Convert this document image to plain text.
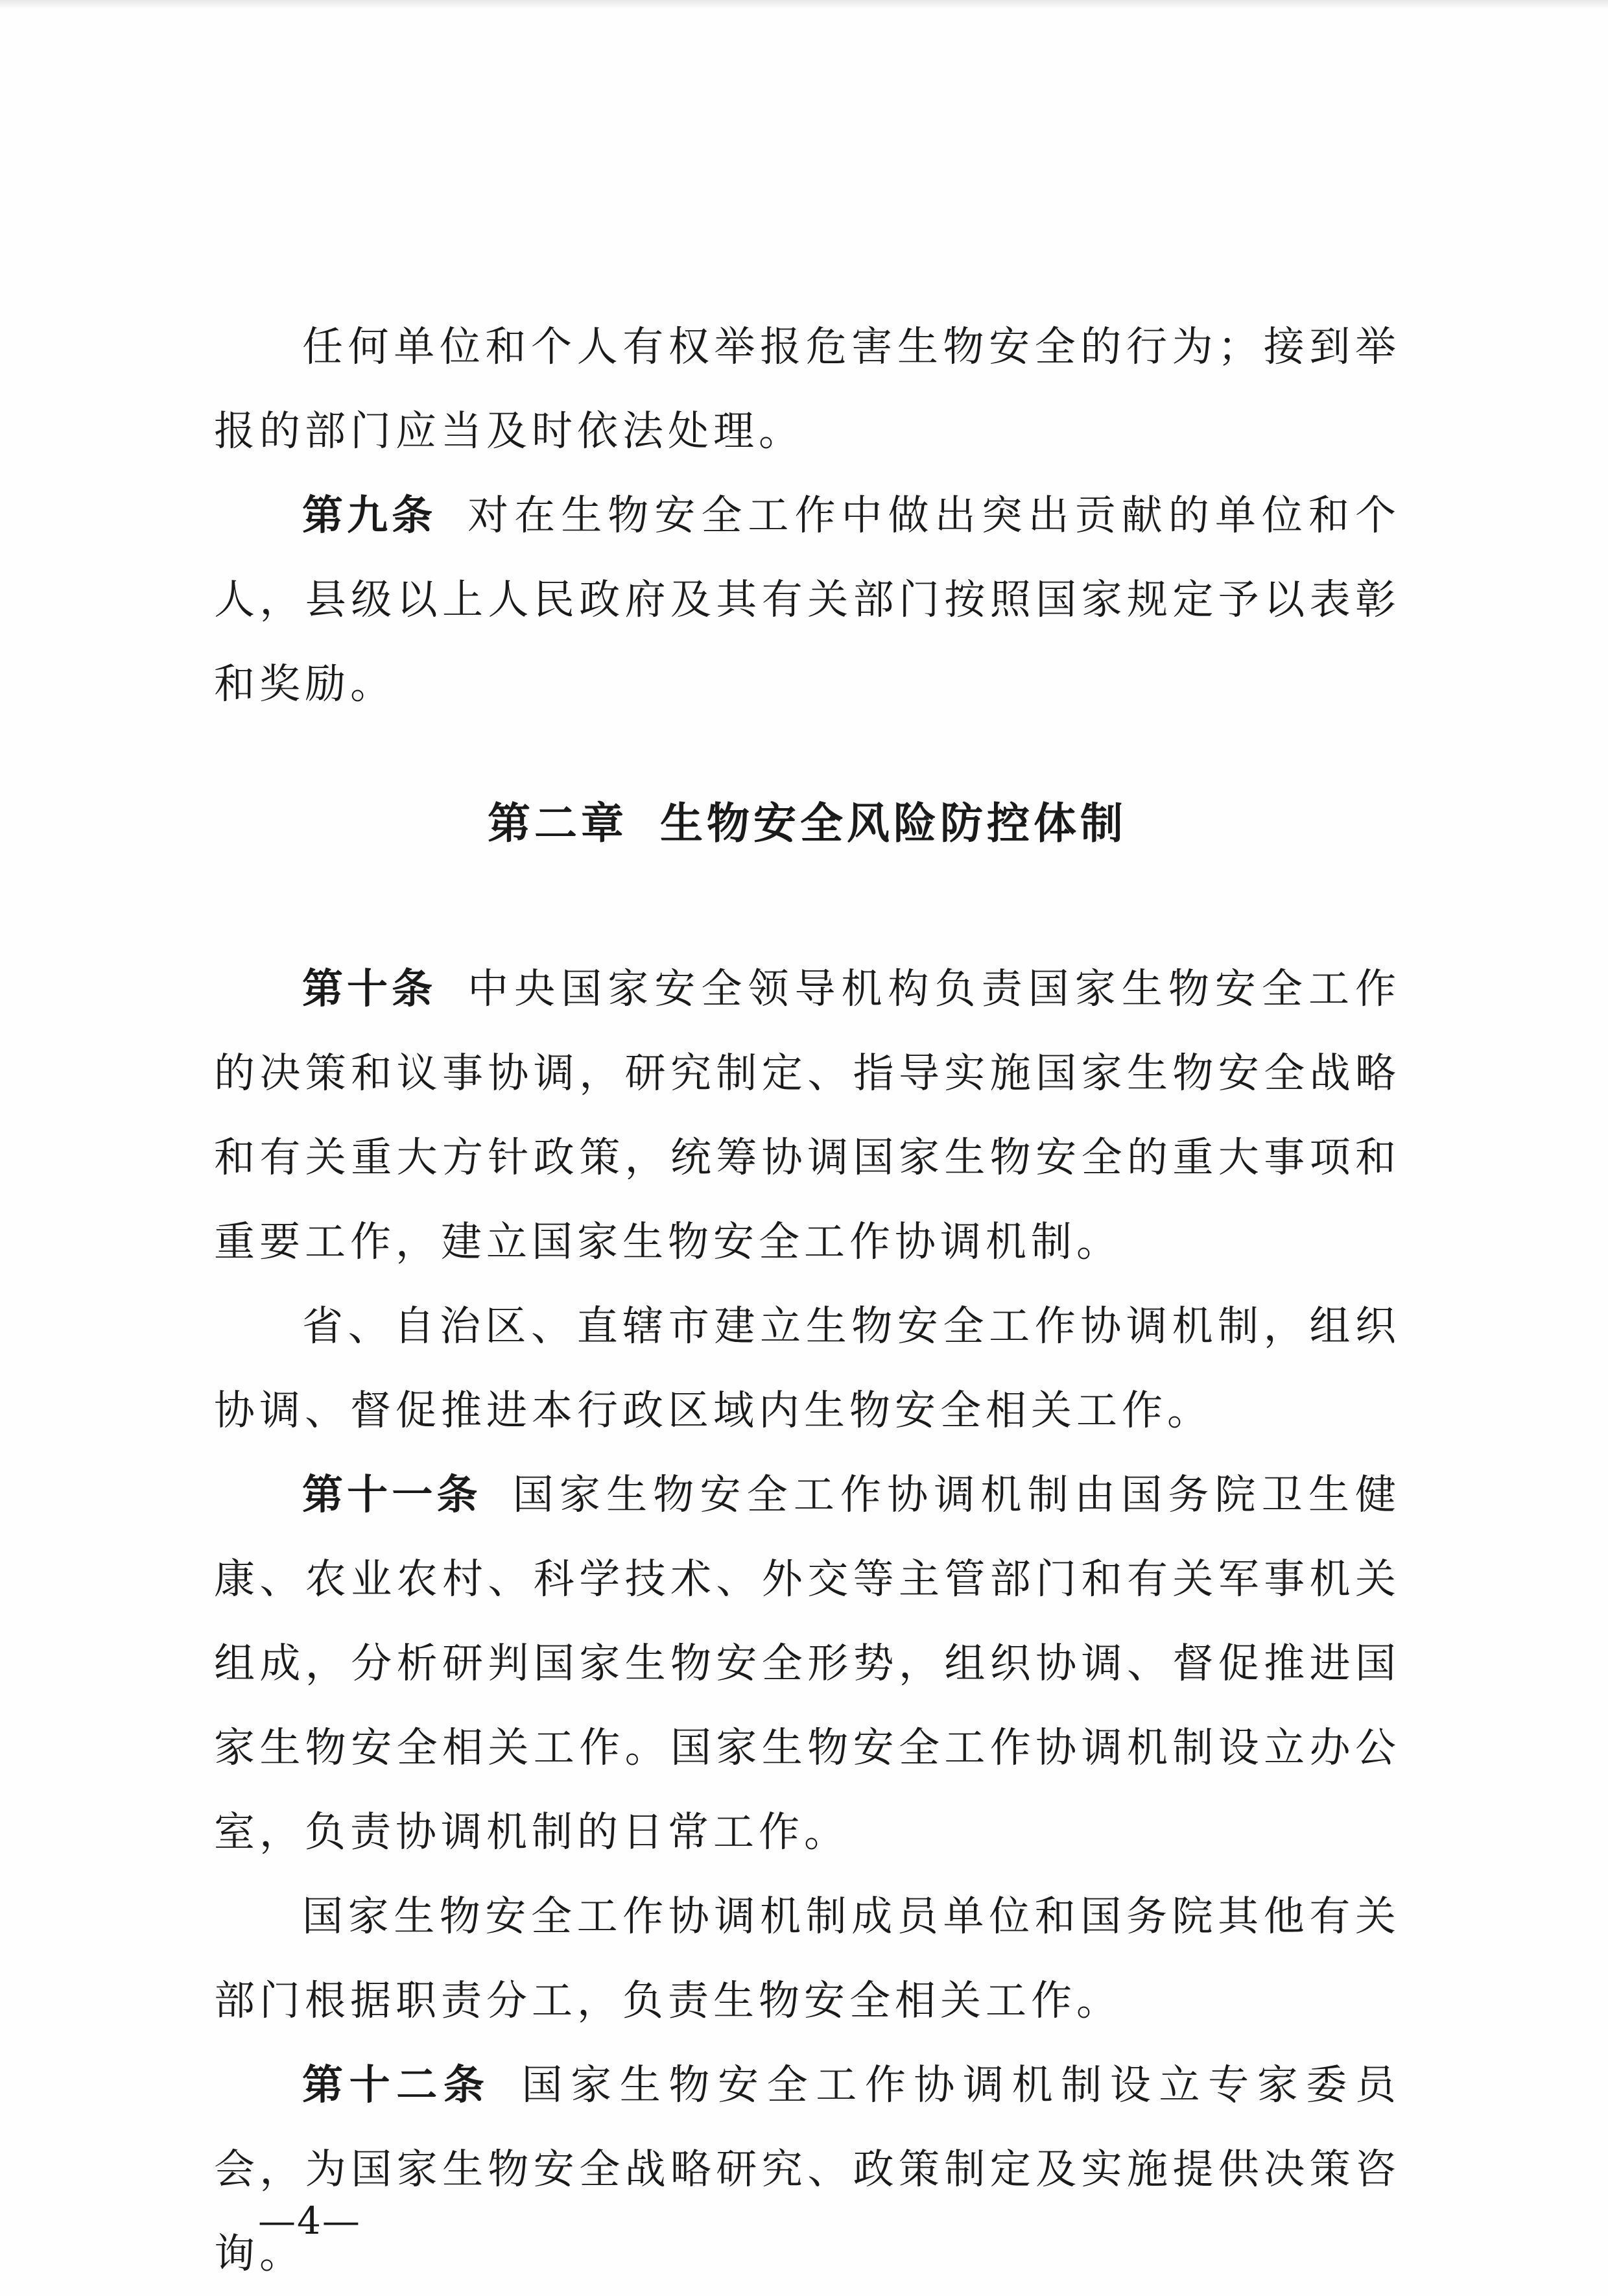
任何单位和个人有权举报危害生物安全的行为；接到举报的部门应当及时依法处理。

第九条 对在生物安全工作中做出突出贡献的单位和个人，县级以上人民政府及其有关部门按照国家规定予以表彰和奖励。

第二章 生物安全风险防控体制

第十条 中央国家安全领导机构负责国家生物安全工作的决策和议事协调，研究制定、指导实施国家生物安全战略和有关重大方针政策，统筹协调国家生物安全的重大事项和重要工作，建立国家生物安全工作协调机制。

省、自治区、直辖市建立生物安全工作协调机制，组织协调、督促推进本行政区域内生物安全相关工作。

第十一条 国家生物安全工作协调机制由国务院卫生健康、农业农村、科学技术、外交等主管部门和有关军事机关组成，分析研判国家生物安全形势，组织协调、督促推进国家生物安全相关工作。国家生物安全工作协调机制设立办公室，负责协调机制的日常工作。

国家生物安全工作协调机制成员单位和国务院其他有关部门根据职责分工，负责生物安全相关工作。

第十二条 国家生物安全工作协调机制设立专家委员会，为国家生物安全战略研究、政策制定及实施提供决策咨询。

—4—
